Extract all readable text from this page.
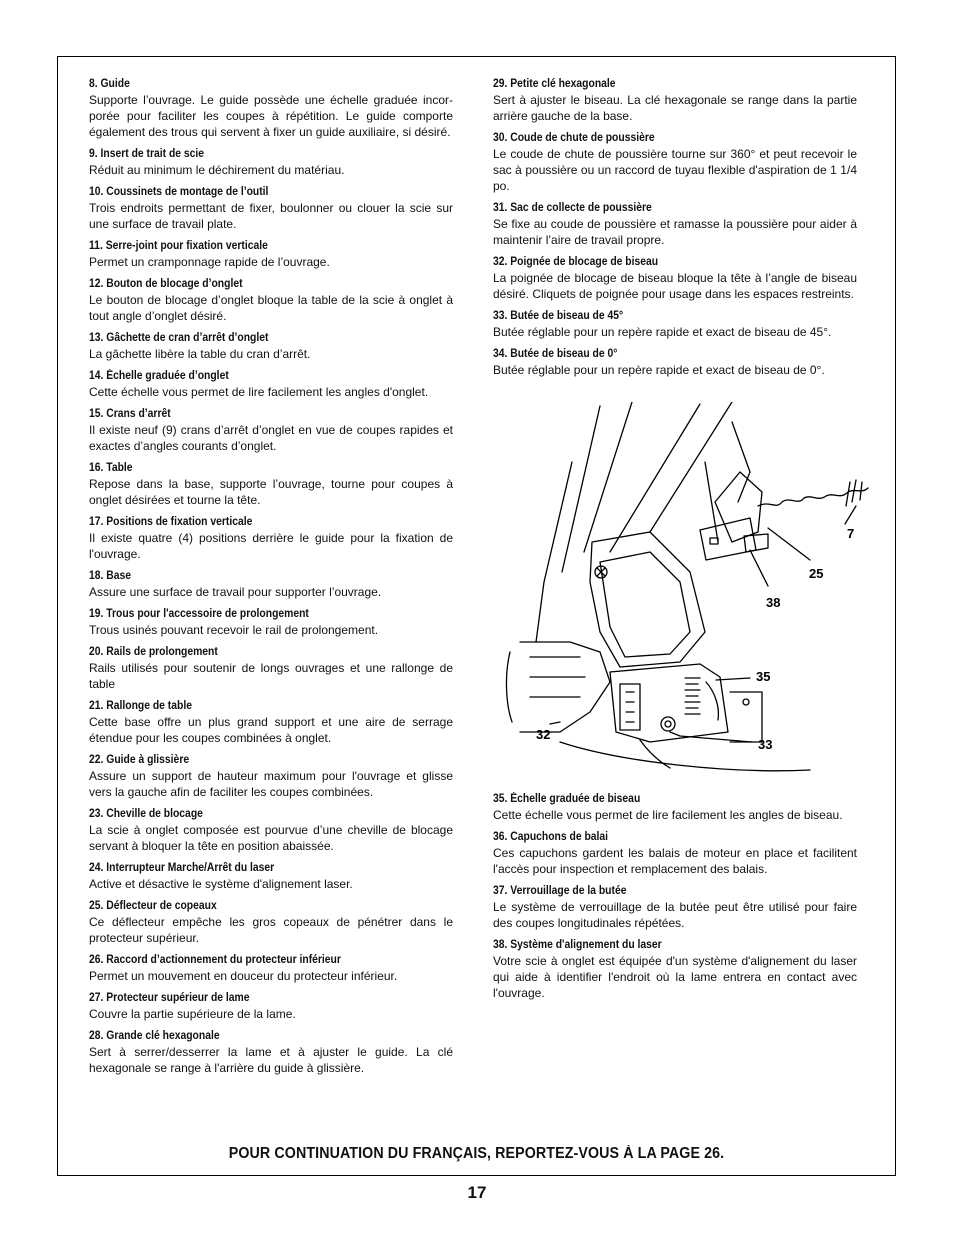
8. Guide
Supporte l’ouvrage. Le guide possède une échelle graduée incor-porée pour faciliter les coupes à répétition. Le guide comporte également des trous qui servent à fixer un guide auxiliaire, si désiré.
9. Insert de trait de scie
Réduit au minimum le déchirement du matériau.
10. Coussinets de montage de l’outil
Trois endroits permettant de fixer, boulonner ou clouer la scie sur une surface de travail plate.
11. Serre-joint pour fixation verticale
Permet un cramponnage rapide de l’ouvrage.
12. Bouton de blocage d’onglet
Le bouton de blocage d’onglet bloque la table de la scie à onglet à tout angle d’onglet désiré.
13. Gâchette de cran d’arrêt d’onglet
La gâchette libère la table du cran d’arrêt.
14. Échelle graduée d’onglet
Cette échelle vous permet de lire facilement les angles d'onglet.
15. Crans d’arrêt
Il existe neuf (9) crans d’arrêt d’onglet en vue de coupes rapides et exactes d’angles courants d’onglet.
16. Table
Repose dans la base, supporte l’ouvrage, tourne pour coupes à onglet désirées et tourne la tête.
17. Positions de fixation verticale
Il existe quatre (4) positions derrière le guide pour la fixation de l'ouvrage.
18. Base
Assure une surface de travail pour supporter l’ouvrage.
19. Trous pour l'accessoire de prolongement
Trous usinés pouvant recevoir le rail de prolongement.
20. Rails de prolongement
Rails utilisés pour soutenir de longs ouvrages et une rallonge de table
21. Rallonge de table
Cette base offre un plus grand support et une aire de serrage étendue pour les coupes combinées à onglet.
22. Guide à glissière
Assure un support de hauteur maximum pour l'ouvrage et glisse vers la gauche afin de faciliter les coupes combinées.
23. Cheville de blocage
La scie à onglet composée est pourvue d’une cheville de blocage servant à bloquer la tête en position abaissée.
24. Interrupteur Marche/Arrêt du laser
Active et désactive le système d'alignement laser.
25. Déflecteur de copeaux
Ce déflecteur empêche les gros copeaux de pénétrer dans le protecteur supérieur.
26. Raccord d’actionnement du protecteur inférieur
Permet un mouvement en douceur du protecteur inférieur.
27. Protecteur supérieur de lame
Couvre la partie supérieure de la lame.
28. Grande clé hexagonale
Sert à serrer/desserrer la lame et à ajuster le guide. La clé hexagonale se range à l'arrière du guide à glissière.
29. Petite clé hexagonale
Sert à ajuster le biseau. La clé hexagonale se range dans la partie arrière gauche de la base.
30. Coude de chute de poussière
Le coude de chute de poussière tourne sur 360° et peut recevoir le sac à poussière ou un raccord de tuyau flexible d'aspiration de 1 1/4 po.
31. Sac de collecte de poussière
Se fixe au coude de poussière et ramasse la poussière pour aider à maintenir l’aire de travail propre.
32. Poignée de blocage de biseau
La poignée de blocage de biseau bloque la tête à l’angle de biseau désiré. Cliquets de poignée pour usage dans les espaces restreints.
33. Butée de biseau de 45°
Butée réglable pour un repère rapide et exact de biseau de 45°.
34. Butée de biseau de 0°
Butée réglable pour un repère rapide et exact de biseau de 0°.
7
25
38
35
32
33
35. Échelle graduée de biseau
Cette échelle vous permet de lire facilement les angles de biseau.
36. Capuchons de balai
Ces capuchons gardent les balais de moteur en place et facilitent l'accès pour inspection et remplacement des balais.
37. Verrouillage de la butée
Le système de verrouillage de la butée peut être utilisé pour faire des coupes longitudinales répétées.
38. Système d'alignement du laser
Votre scie à onglet est équipée d'un système d'alignement du laser qui aide à identifier l'endroit où la lame entrera en contact avec l'ouvrage.
POUR CONTINUATION DU FRANÇAIS, REPORTEZ-VOUS À LA PAGE 26.
17
